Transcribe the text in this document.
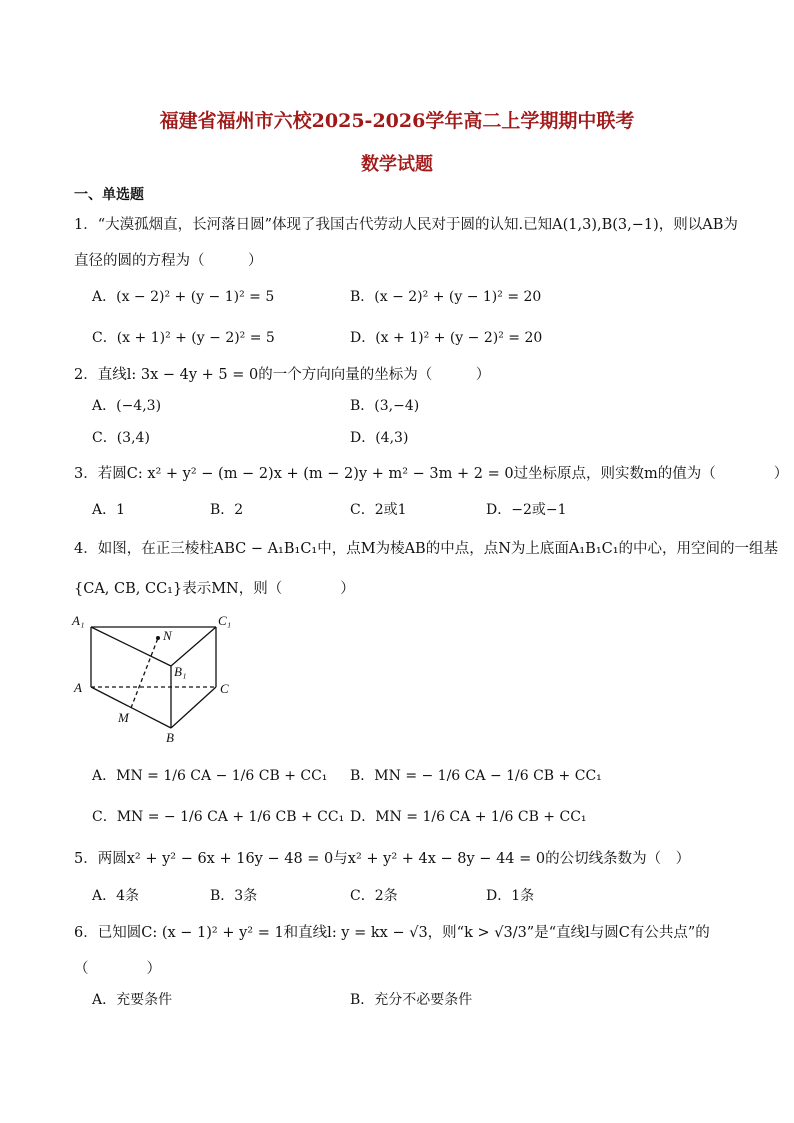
福建省福州市六校2025-2026学年高二上学期期中联考
数学试题
一、单选题
1．“大漠孤烟直，长河落日圆”体现了我国古代劳动人民对于圆的认知.已知A(1,3),B(3,−1)，则以AB为
直径的圆的方程为（　　　）
A．(x − 2)² + (y − 1)² = 5	B．(x − 2)² + (y − 1)² = 20
C．(x + 1)² + (y − 2)² = 5	D．(x + 1)² + (y − 2)² = 20
2．直线l: 3x − 4y + 5 = 0的一个方向向量的坐标为（　　　）
A．(−4,3)	B．(3,−4)
C．(3,4)	D．(4,3)
3．若圆C: x² + y² − (m − 2)x + (m − 2)y + m² − 3m + 2 = 0过坐标原点，则实数m的值为（　　　　）
A．1	B．2	C．2或1	D．−2或−1
4．如图，在正三棱柱ABC − A₁B₁C₁中，点M为棱AB的中点，点N为上底面A₁B₁C₁的中心，用空间的一组基
{CA, CB, CC₁}表示MN，则（　　　　）
A₁	C₁
N
B₁
A	C
M
B
A．MN = 1/6 CA − 1/6 CB + CC₁ B．MN = − 1/6 CA − 1/6 CB + CC₁
C．MN = − 1/6 CA + 1/6 CB + CC₁ D．MN = 1/6 CA + 1/6 CB + CC₁
5．两圆x² + y² − 6x + 16y − 48 = 0与x² + y² + 4x − 8y − 44 = 0的公切线条数为（　）
A．4条	B．3条	C．2条	D．1条
6．已知圆C: (x − 1)² + y² = 1和直线l: y = kx − √3，则“k > √3/3”是“直线l与圆C有公共点”的
（　　　　）
A．充要条件	B．充分不必要条件
